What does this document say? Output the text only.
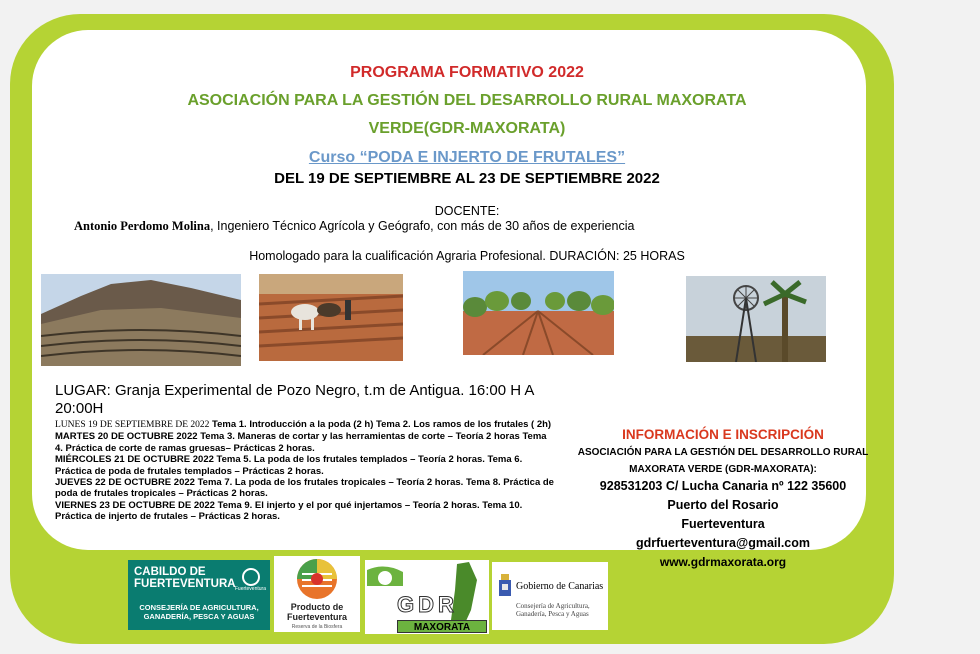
PROGRAMA FORMATIVO 2022
ASOCIACIÓN PARA LA GESTIÓN DEL DESARROLLO RURAL MAXORATA
VERDE(GDR-MAXORATA)
Curso “PODA E INJERTO DE FRUTALES”
DEL 19 DE SEPTIEMBRE AL 23 DE SEPTIEMBRE 2022
DOCENTE:
Antonio Perdomo Molina, Ingeniero Técnico Agrícola y Geógrafo, con más de 30 años de experiencia
Homologado para la cualificación Agraria Profesional. DURACIÓN: 25 HORAS
LUGAR: Granja Experimental de Pozo Negro, t.m de Antigua. 16:00 H A 20:00H
LUNES 19 DE SEPTIEMBRE DE 2022 Tema 1. Introducción a la poda (2 h) Tema 2. Los ramos de los frutales ( 2h)
MARTES 20 DE OCTUBRE 2022 Tema 3. Maneras de cortar y las herramientas de corte – Teoría 2 horas Tema 4. Práctica de corte de ramas gruesas– Prácticas 2 horas.
MIÉRCOLES 21 DE OCTUBRE 2022 Tema 5. La poda de los frutales templados – Teoría 2 horas. Tema 6. Práctica de poda de frutales templados – Prácticas 2 horas.
JUEVES 22 DE OCTUBRE 2022 Tema 7. La poda de los frutales tropicales – Teoría 2 horas. Tema 8. Práctica de poda de frutales tropicales – Prácticas 2 horas.
VIERNES 23 DE OCTUBRE DE 2022 Tema 9. El injerto y el por qué injertamos – Teoría 2 horas. Tema 10. Práctica de injerto de frutales – Prácticas 2 horas.
INFORMACIÓN E INSCRIPCIÓN
ASOCIACIÓN PARA LA GESTIÓN DEL DESARROLLO RURAL
MAXORATA VERDE (GDR-MAXORATA):
928531203 C/ Lucha Canaria nº 122 35600
Puerto del Rosario
Fuerteventura
gdrfuerteventura@gmail.com
www.gdrmaxorata.org
CABILDO DE FUERTEVENTURA Fuerteventura
CONSEJERÍA DE AGRICULTURA, GANADERÍA, PESCA Y AGUAS
Producto de Fuerteventura
Reserva de la Biosfera
GDR
MAXORATA
Gobierno de Canarias
Consejería de Agricultura, Ganadería, Pesca y Aguas
